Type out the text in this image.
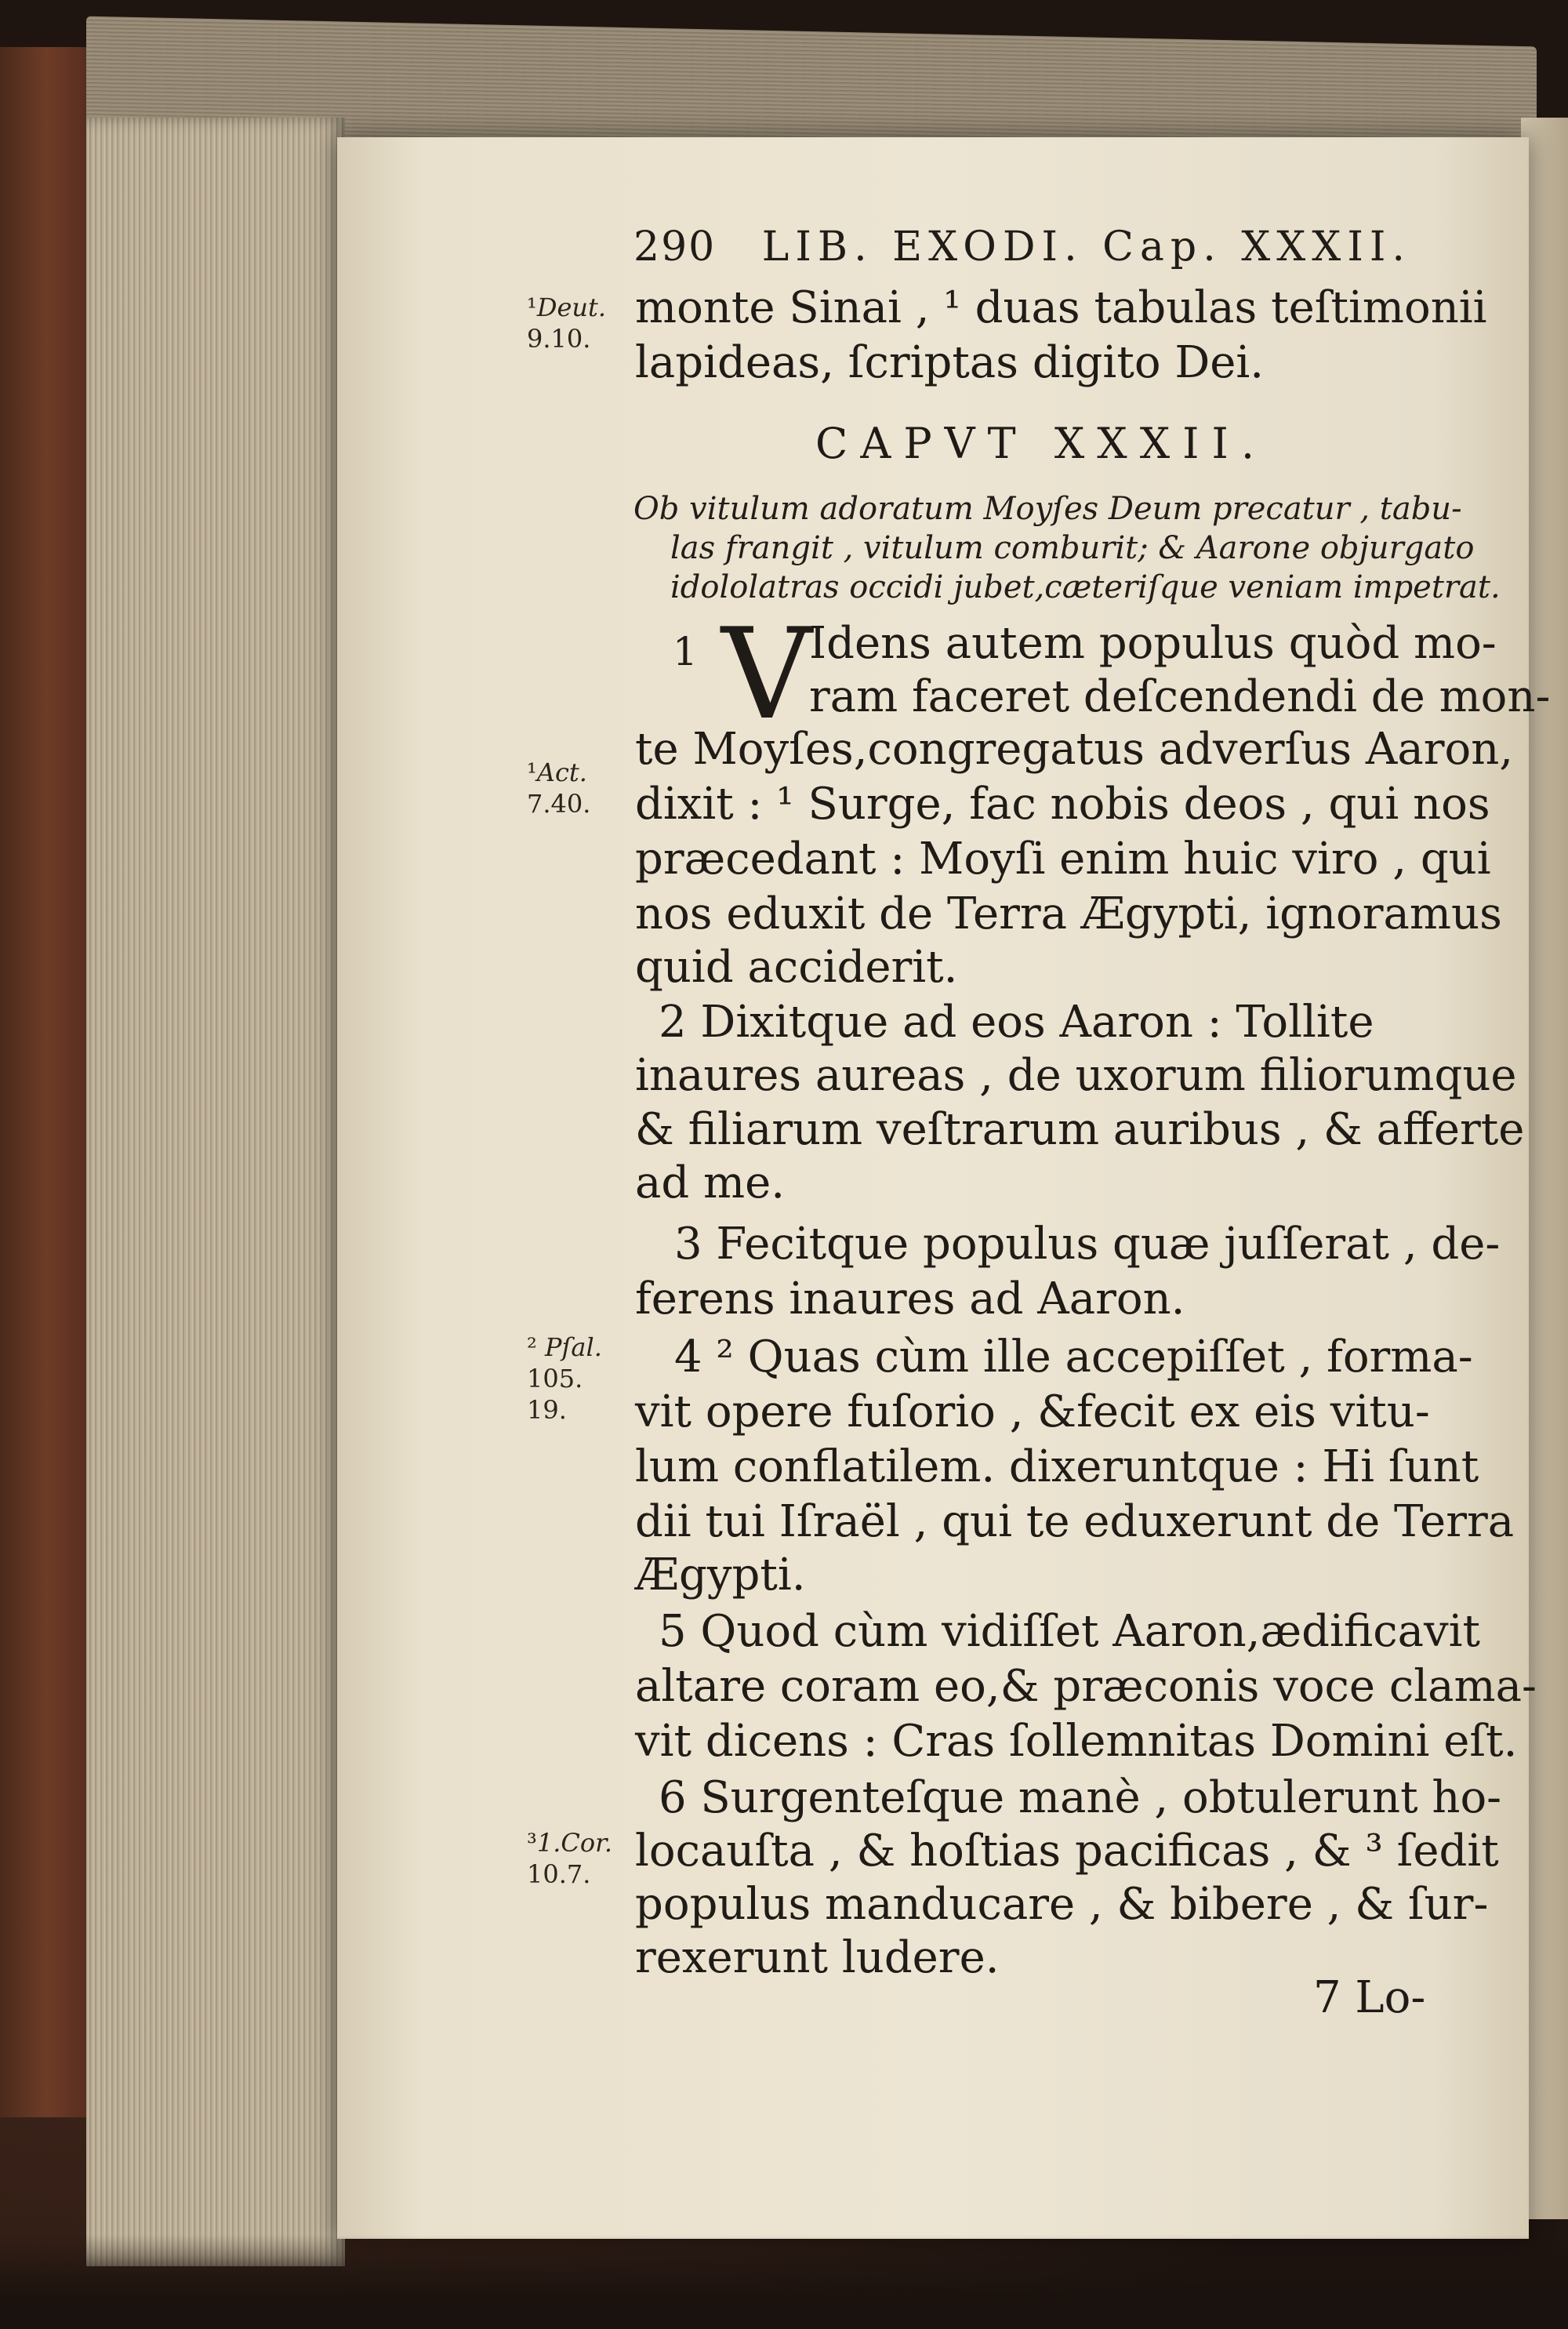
290 LIB. EXODI. Cap. XXXII.
monte Sinai , ¹ duas tabulas teſtimonii
lapideas, ſcriptas digito Dei.
CAPVT XXXII.
Ob vitulum adoratum Moyſes Deum precatur , tabu-
las frangit , vitulum comburit; & Aarone objurgato
idololatras occidi jubet,cæteriſque veniam impetrat.
1 V
Idens autem populus quòd mo-
ram faceret deſcendendi de mon-
te Moyſes,congregatus adverſus Aaron,
dixit : ¹ Surge, fac nobis deos , qui nos
præcedant : Moyſi enim huic viro , qui
nos eduxit de Terra Ægypti, ignoramus
quid acciderit.
2 Dixitque ad eos Aaron : Tollite
inaures aureas , de uxorum filiorumque
& filiarum veſtrarum auribus , & afferte
ad me.
3 Fecitque populus quæ juſſerat , de-
ferens inaures ad Aaron.
4 ² Quas cùm ille accepiſſet , forma-
vit opere fuſorio , &fecit ex eis vitu-
lum conflatilem. dixeruntque : Hi ſunt
dii tui Iſraël , qui te eduxerunt de Terra
Ægypti.
5 Quod cùm vidiſſet Aaron,ædificavit
altare coram eo,& præconis voce clama-
vit dicens : Cras ſollemnitas Domini eſt.
6 Surgenteſque manè , obtulerunt ho-
locauſta , & hoſtias pacificas , & ³ ſedit
populus manducare , & bibere , & ſur-
rexerunt ludere.
7 Lo-
¹Deut.
9.10.
¹Act.
7.40.
² Pſal.
105.
19.
³1.Cor.
10.7.
